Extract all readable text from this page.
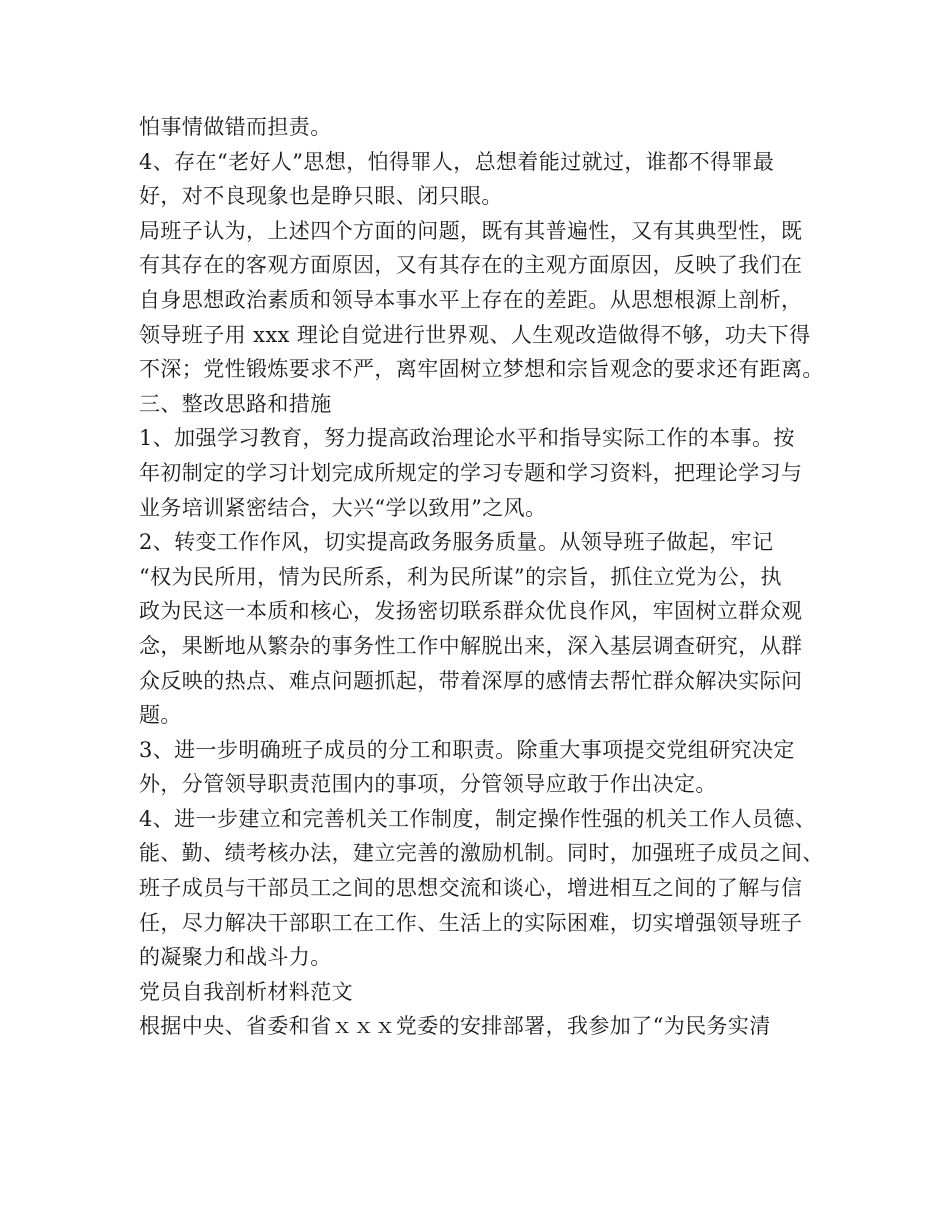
怕事情做错而担责。
4、存在“老好人”思想，怕得罪人，总想着能过就过，谁都不得罪最
好，对不良现象也是睁只眼、闭只眼。
局班子认为，上述四个方面的问题，既有其普遍性，又有其典型性，既
有其存在的客观方面原因，又有其存在的主观方面原因，反映了我们在
自身思想政治素质和领导本事水平上存在的差距。从思想根源上剖析，
领导班子用 xxx 理论自觉进行世界观、人生观改造做得不够，功夫下得
不深；党性锻炼要求不严，离牢固树立梦想和宗旨观念的要求还有距离。
三、整改思路和措施
1、加强学习教育，努力提高政治理论水平和指导实际工作的本事。按
年初制定的学习计划完成所规定的学习专题和学习资料，把理论学习与
业务培训紧密结合，大兴“学以致用”之风。
2、转变工作作风，切实提高政务服务质量。从领导班子做起，牢记
“权为民所用，情为民所系，利为民所谋”的宗旨，抓住立党为公，执
政为民这一本质和核心，发扬密切联系群众优良作风，牢固树立群众观
念，果断地从繁杂的事务性工作中解脱出来，深入基层调查研究，从群
众反映的热点、难点问题抓起，带着深厚的感情去帮忙群众解决实际问
题。
3、进一步明确班子成员的分工和职责。除重大事项提交党组研究决定
外，分管领导职责范围内的事项，分管领导应敢于作出决定。
4、进一步建立和完善机关工作制度，制定操作性强的机关工作人员德、
能、勤、绩考核办法，建立完善的激励机制。同时，加强班子成员之间、
班子成员与干部员工之间的思想交流和谈心，增进相互之间的了解与信
任，尽力解决干部职工在工作、生活上的实际困难，切实增强领导班子
的凝聚力和战斗力。
党员自我剖析材料范文
根据中央、省委和省ｘｘｘ党委的安排部署，我参加了“为民务实清
